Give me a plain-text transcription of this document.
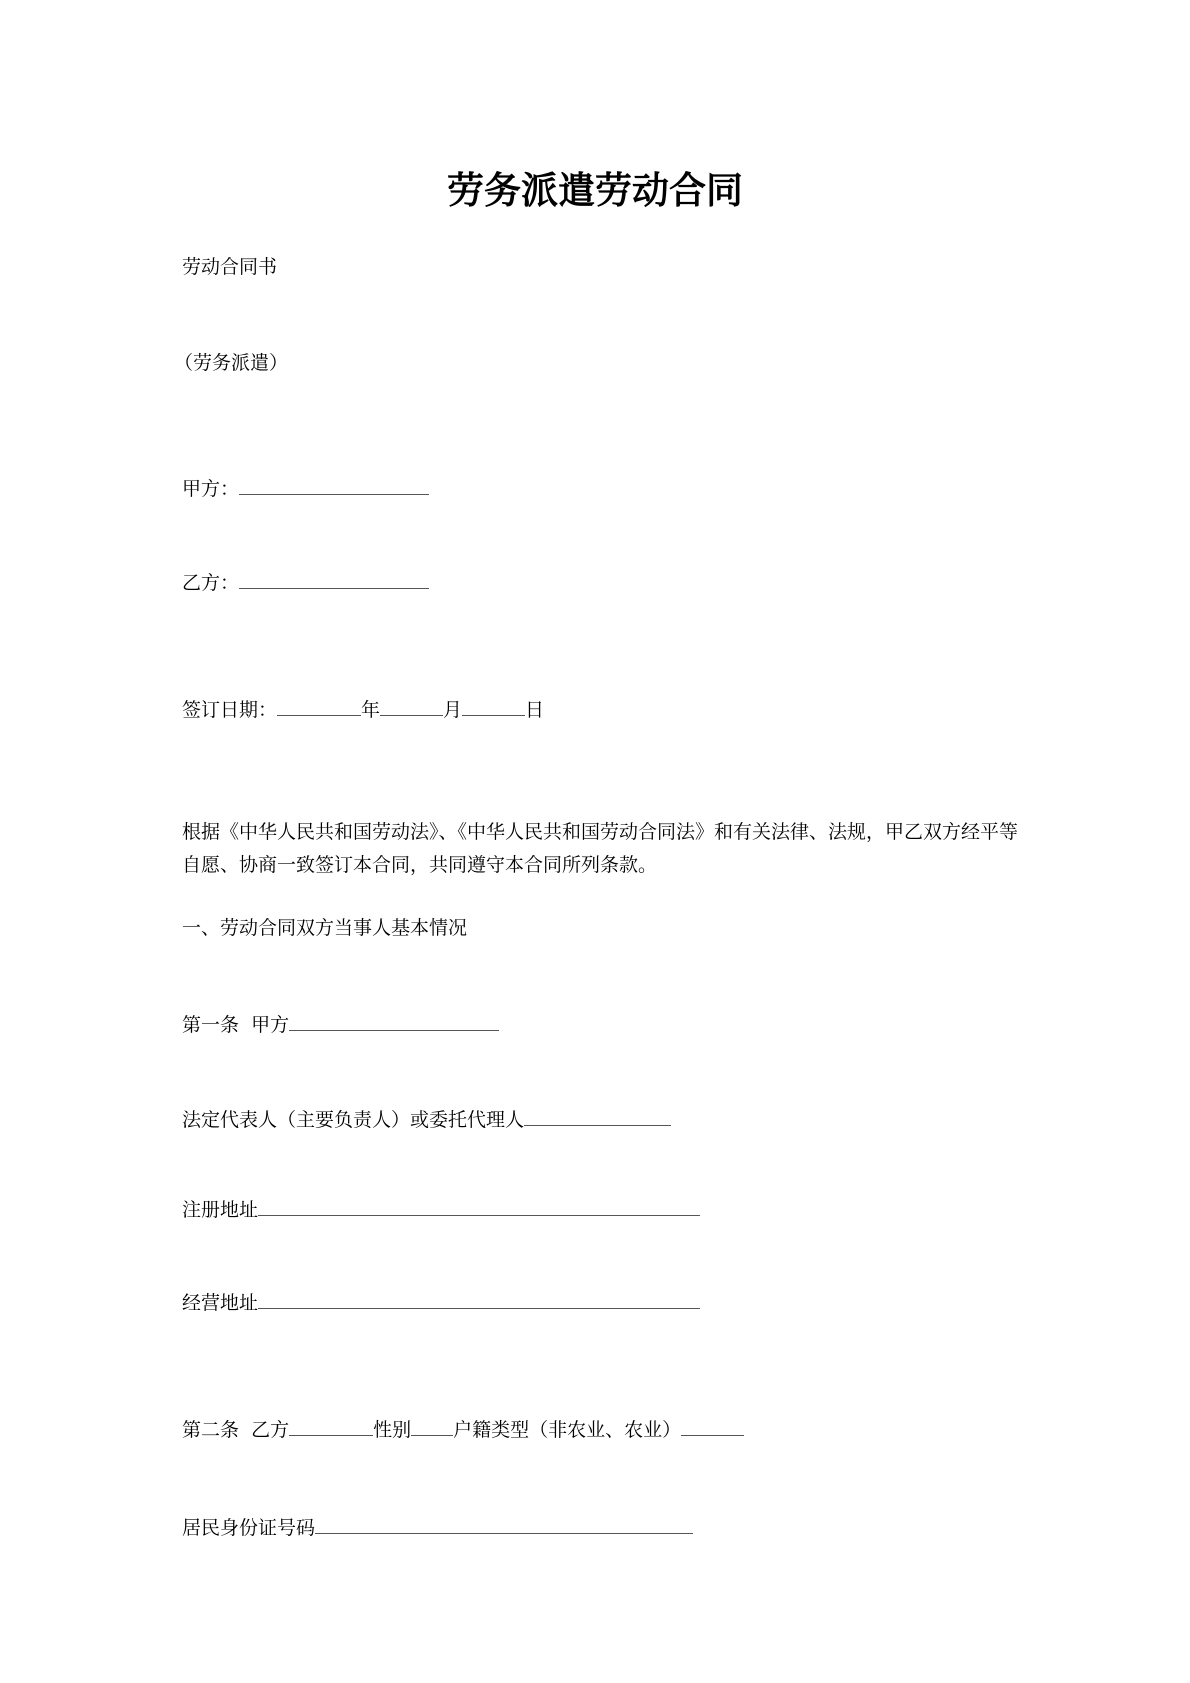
劳务派遣劳动合同
劳动合同书
（劳务派遣）
甲方：
乙方：
签订日期：	年	月	日
根据《中华人民共和国劳动法》、《中华人民共和国劳动合同法》和有关法律、法规，甲乙双方经平等自愿、协商一致签订本合同，共同遵守本合同所列条款。
一、劳动合同双方当事人基本情况
第一条  甲方
法定代表人（主要负责人）或委托代理人
注册地址
经营地址
第二条  乙方	性别 户籍类型（非农业、农业）
居民身份证号码
